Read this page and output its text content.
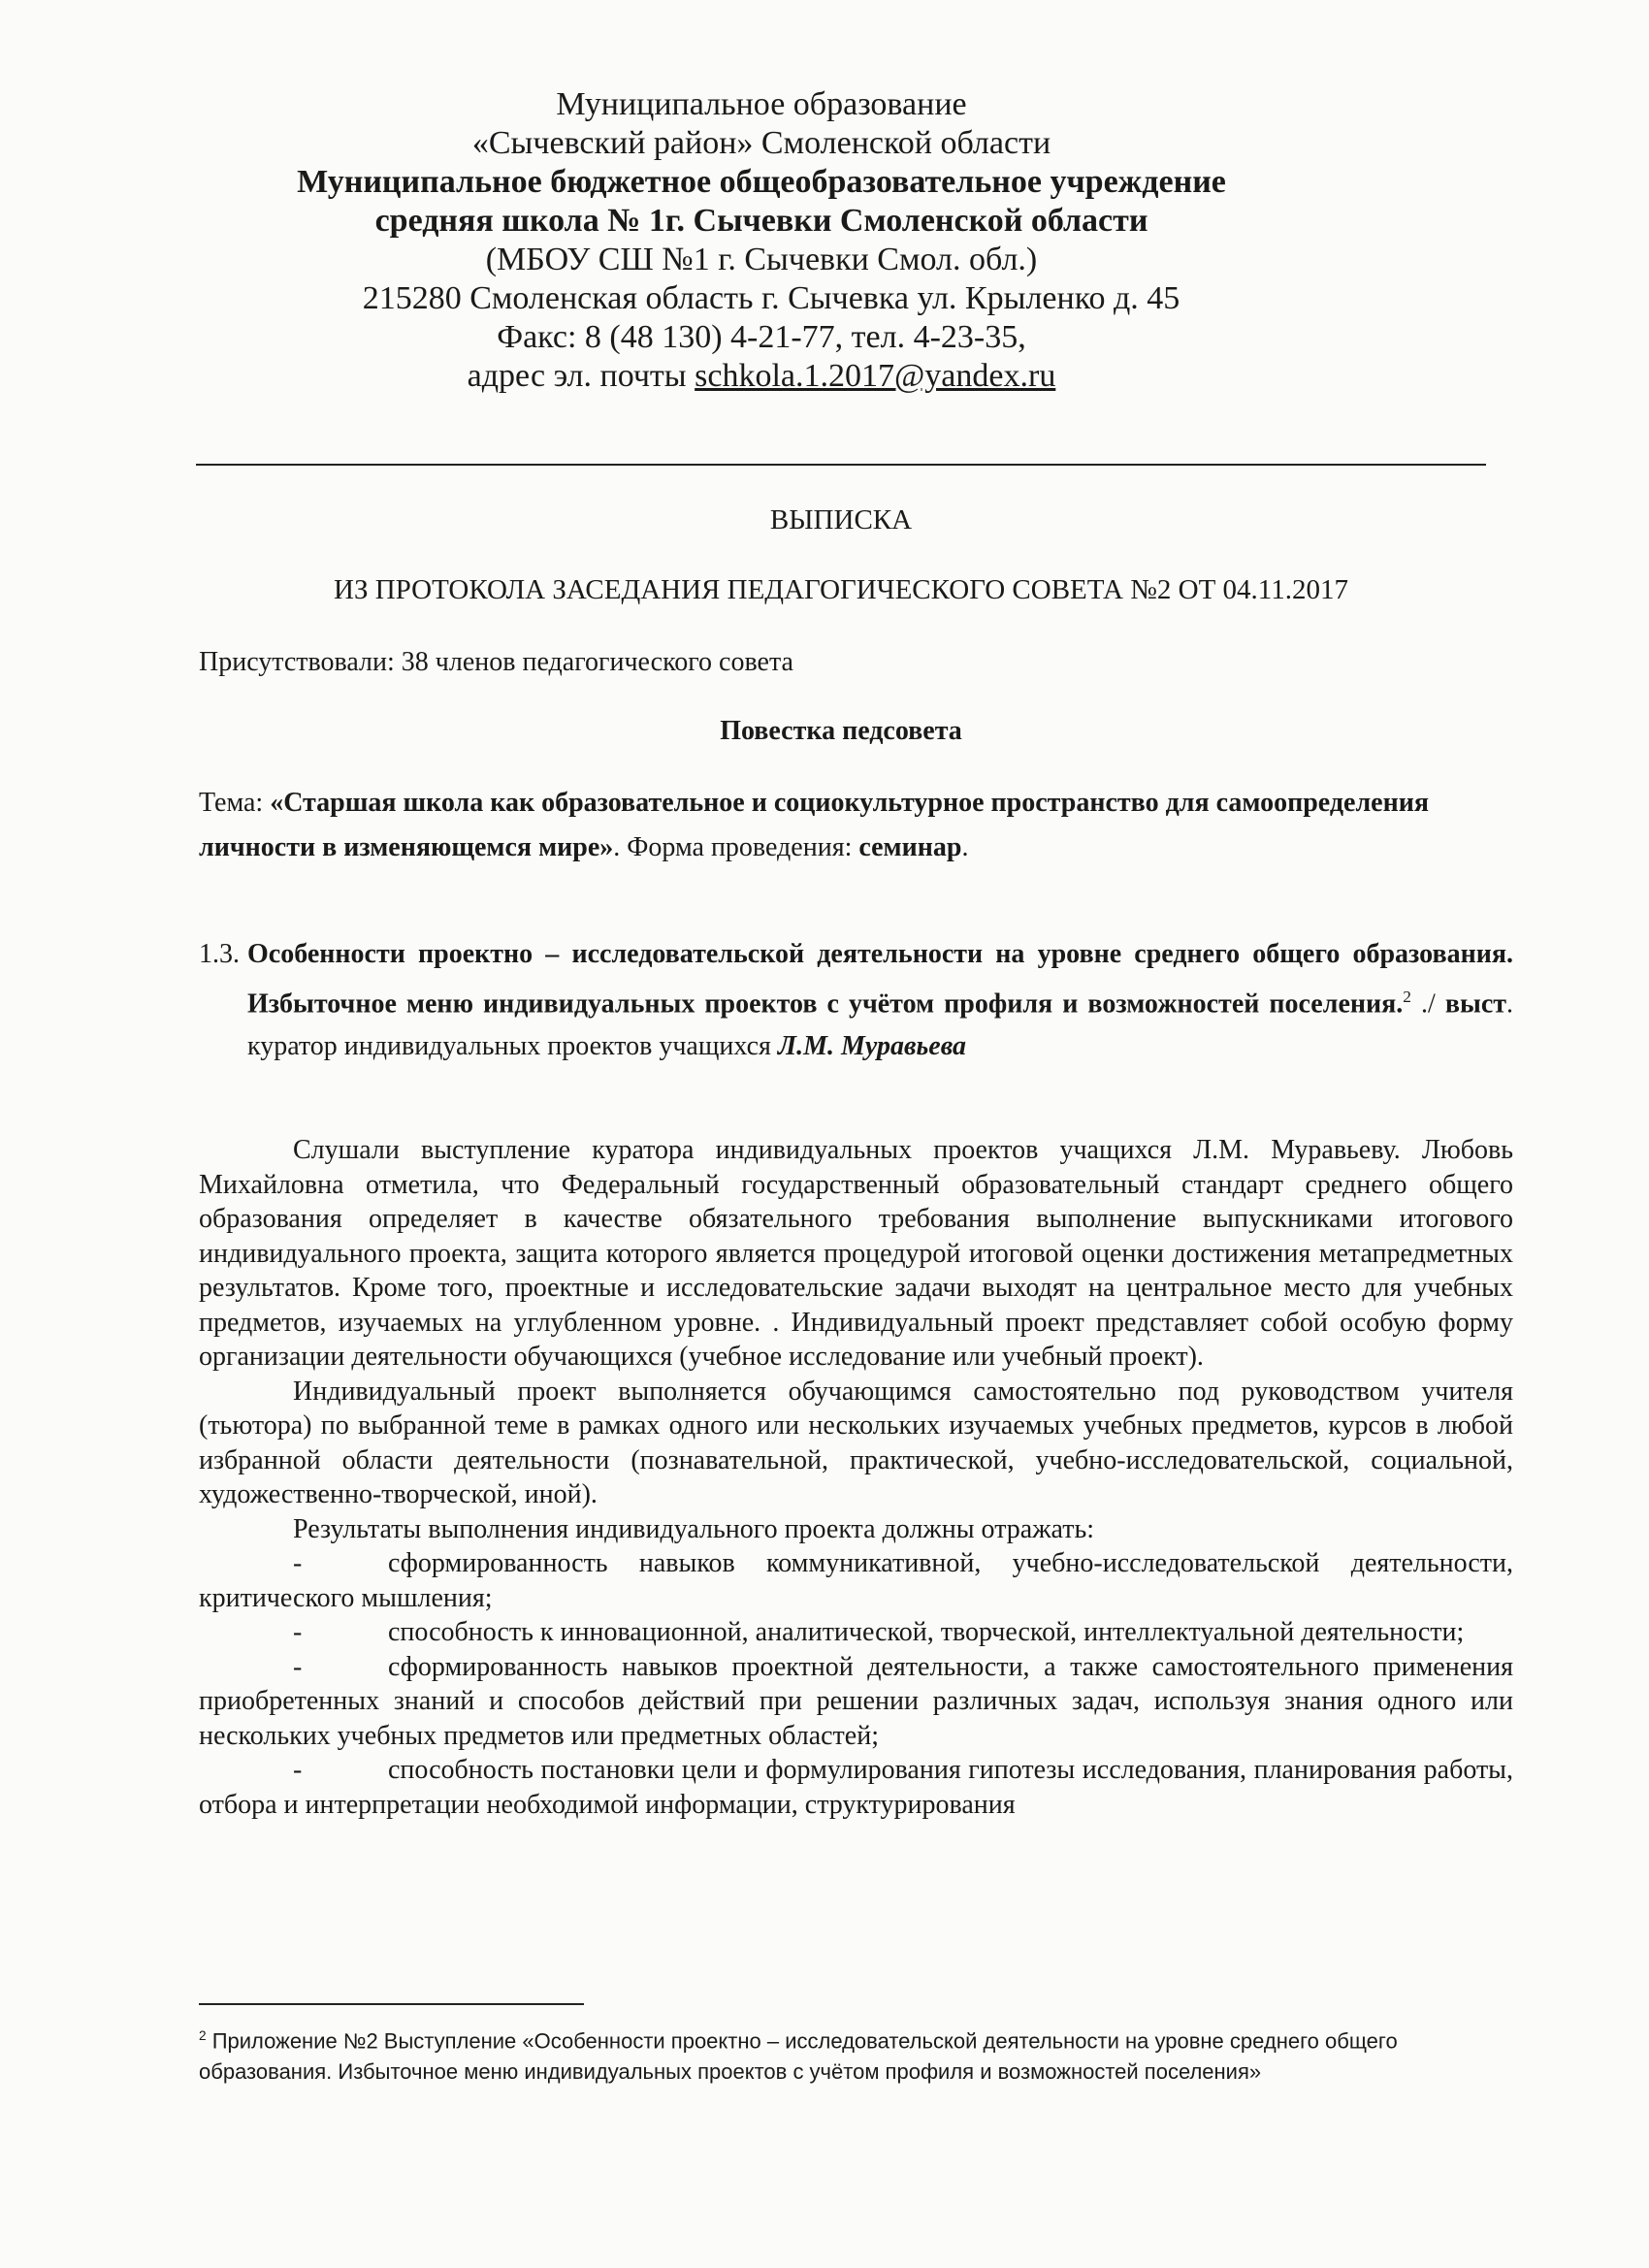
Муниципальное образование
«Сычевский район» Смоленской области
Муниципальное бюджетное общеобразовательное учреждение
средняя школа № 1г. Сычевки Смоленской области
(МБОУ СШ №1 г. Сычевки Смол. обл.)
215280 Смоленская область г. Сычевка ул. Крыленко д. 45
Факс: 8 (48 130) 4-21-77, тел. 4-23-35,
адрес эл. почты schkola.1.2017@yandex.ru
ВЫПИСКА
ИЗ ПРОТОКОЛА ЗАСЕДАНИЯ ПЕДАГОГИЧЕСКОГО СОВЕТА №2 ОТ 04.11.2017
Присутствовали: 38 членов педагогического совета
Повестка педсовета
Тема: «Старшая школа как образовательное и социокультурное пространство для самоопределения личности в изменяющемся мире». Форма проведения: семинар.
1.3. Особенности проектно – исследовательской деятельности на уровне среднего общего образования. Избыточное меню индивидуальных проектов с учётом профиля и возможностей поселения.$^2$ ./ выст. куратор индивидуальных проектов учащихся Л.М. Муравьева

Слушали выступление куратора индивидуальных проектов учащихся Л.М. Муравьеву. Любовь Михайловна отметила, что Федеральный государственный образовательный стандарт среднего общего образования определяет в качестве обязательного требования выполнение выпускниками итогового индивидуального проекта, защита которого является процедурой итоговой оценки достижения метапредметных результатов. Кроме того, проектные и исследовательские задачи выходят на центральное место для учебных предметов, изучаемых на углубленном уровне. . Индивидуальный проект представляет собой особую форму организации деятельности обучающихся (учебное исследование или учебный проект).

Индивидуальный проект выполняется обучающимся самостоятельно под руководством учителя (тьютора) по выбранной теме в рамках одного или нескольких изучаемых учебных предметов, курсов в любой избранной области деятельности (познавательной, практической, учебно-исследовательской, социальной, художественно-творческой, иной).

Результаты выполнения индивидуального проекта должны отражать:

-	сформированность навыков коммуникативной, учебно-исследовательской деятельности, критического мышления;

-	способность к инновационной, аналитической, творческой, интеллектуальной деятельности;

-	сформированность навыков проектной деятельности, а также самостоятельного применения приобретенных знаний и способов действий при решении различных задач, используя знания одного или нескольких учебных предметов или предметных областей;

-	способность постановки цели и формулирования гипотезы исследования, планирования работы, отбора и интерпретации необходимой информации, структурирования

$^2$ Приложение №2 Выступление «Особенности проектно – исследовательской деятельности на уровне среднего общего образования. Избыточное меню индивидуальных проектов с учётом профиля и возможностей поселения»
